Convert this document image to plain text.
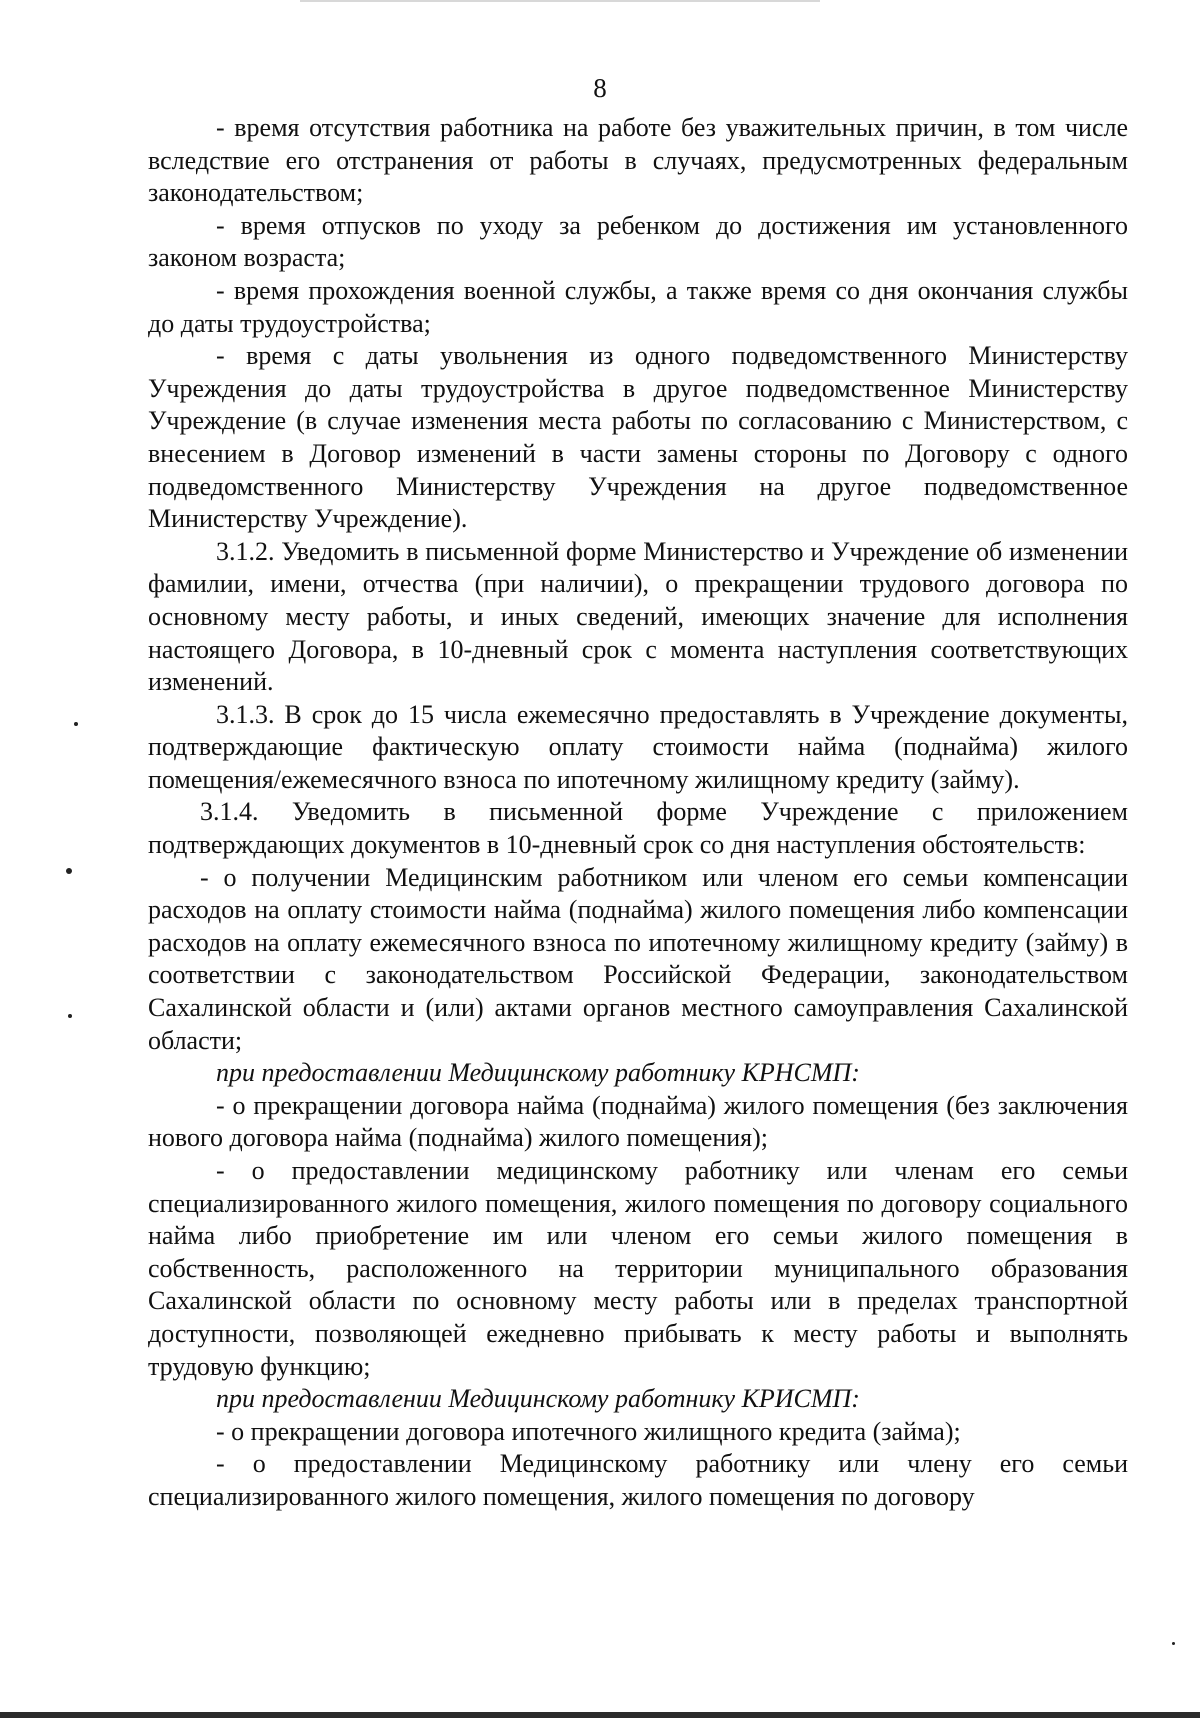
8

- время отсутствия работника на работе без уважительных причин, в том числе вследствие его отстранения от работы в случаях, предусмотренных федеральным законодательством;

- время отпусков по уходу за ребенком до достижения им установленного законом возраста;

- время прохождения военной службы, а также время со дня окончания службы до даты трудоустройства;

- время с даты увольнения из одного подведомственного Министерству Учреждения до даты трудоустройства в другое подведомственное Министерству Учреждение (в случае изменения места работы по согласованию с Министерством, с внесением в Договор изменений в части замены стороны по Договору с одного подведомственного Министерству Учреждения на другое подведомственное Министерству Учреждение).

3.1.2. Уведомить в письменной форме Министерство и Учреждение об изменении фамилии, имени, отчества (при наличии), о прекращении трудового договора по основному месту работы, и иных сведений, имеющих значение для исполнения настоящего Договора, в 10-дневный срок с момента наступления соответствующих изменений.

3.1.3. В срок до 15 числа ежемесячно предоставлять в Учреждение документы, подтверждающие фактическую оплату стоимости найма (поднайма) жилого помещения/ежемесячного взноса по ипотечному жилищному кредиту (займу).

3.1.4. Уведомить в письменной форме Учреждение с приложением подтверждающих документов в 10-дневный срок со дня наступления обстоятельств:

- о получении Медицинским работником или членом его семьи компенсации расходов на оплату стоимости найма (поднайма) жилого помещения либо компенсации расходов на оплату ежемесячного взноса по ипотечному жилищному кредиту (займу) в соответствии с законодательством Российской Федерации, законодательством Сахалинской области и (или) актами органов местного самоуправления Сахалинской области;

при предоставлении Медицинскому работнику КРНСМП:

- о прекращении договора найма (поднайма) жилого помещения (без заключения нового договора найма (поднайма) жилого помещения);

- о предоставлении медицинскому работнику или членам его семьи специализированного жилого помещения, жилого помещения по договору социального найма либо приобретение им или членом его семьи жилого помещения в собственность, расположенного на территории муниципального образования Сахалинской области по основному месту работы или в пределах транспортной доступности, позволяющей ежедневно прибывать к месту работы и выполнять трудовую функцию;

при предоставлении Медицинскому работнику КРИСМП:

- о прекращении договора ипотечного жилищного кредита (займа);

- о предоставлении Медицинскому работнику или члену его семьи специализированного жилого помещения, жилого помещения по договору
